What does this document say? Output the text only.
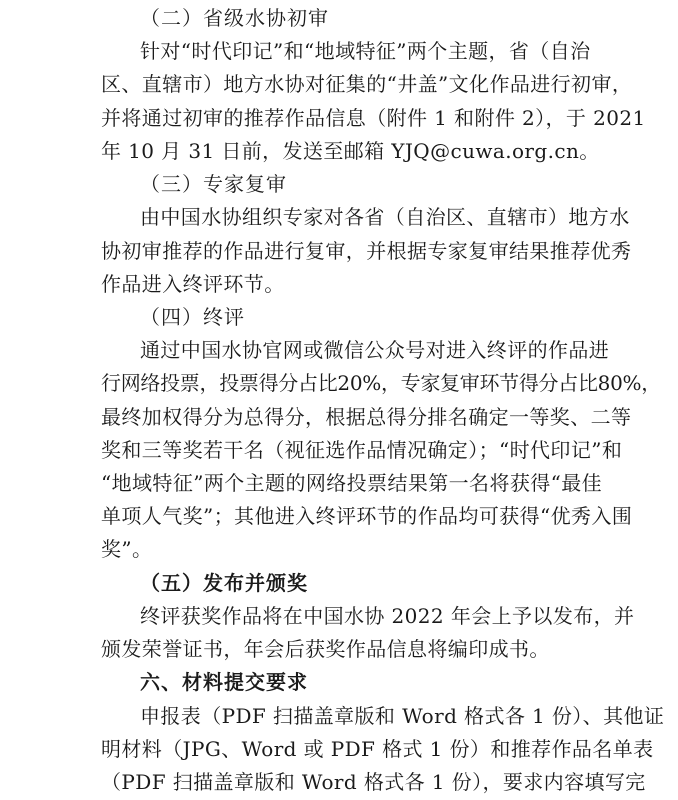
（二）省级水协初审
针对“时代印记”和“地域特征”两个主题，省（自治
区、直辖市）地方水协对征集的“井盖”文化作品进行初审，
并将通过初审的推荐作品信息（附件 1 和附件 2），于 2021
年 10 月 31 日前，发送至邮箱 YJQ@cuwa.org.cn。
（三）专家复审
由中国水协组织专家对各省（自治区、直辖市）地方水
协初审推荐的作品进行复审，并根据专家复审结果推荐优秀
作品进入终评环节。
（四）终评
通过中国水协官网或微信公众号对进入终评的作品进
行网络投票，投票得分占比20%，专家复审环节得分占比80%，
最终加权得分为总得分，根据总得分排名确定一等奖、二等
奖和三等奖若干名（视征选作品情况确定）；“时代印记”和
“地域特征”两个主题的网络投票结果第一名将获得“最佳
单项人气奖”；其他进入终评环节的作品均可获得“优秀入围
奖”。
（五）发布并颁奖
终评获奖作品将在中国水协 2022 年会上予以发布，并
颁发荣誉证书，年会后获奖作品信息将编印成书。
六、材料提交要求
申报表（PDF 扫描盖章版和 Word 格式各 1 份）、其他证
明材料（JPG、Word 或 PDF 格式 1 份）和推荐作品名单表
（PDF 扫描盖章版和 Word 格式各 1 份），要求内容填写完
